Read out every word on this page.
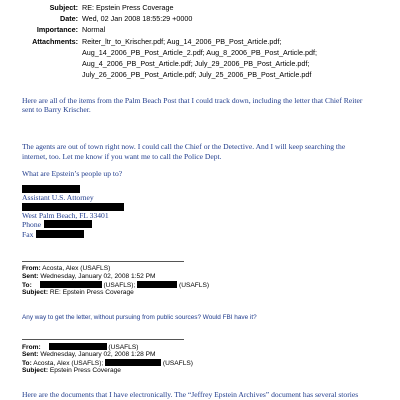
Subject: RE: Epstein Press Coverage
Date: Wed, 02 Jan 2008 18:55:29 +0000
Importance: Normal
Attachments: Reiter_ltr_to_Krischer.pdf; Aug_14_2006_PB_Post_Article.pdf;
Aug_14_2006_PB_Post_Article_2.pdf; Aug_8_2006_PB_Post_Article.pdf;
Aug_4_2006_PB_Post_Article.pdf; July_29_2006_PB_Post_Article.pdf;
July_26_2006_PB_Post_Article.pdf; July_25_2006_PB_Post_Article.pdf
Here are all of the items from the Palm Beach Post that I could track down, including the letter that Chief Reiter
sent to Barry Krischer.
The agents are out of town right now. I could call the Chief or the Detective. And I will keep searching the
internet, too. Let me know if you want me to call the Police Dept.
What are Epstein’s people up to?
Assistant U.S. Attorney
West Palm Beach, FL 33401
Phone
Fax
From: Acosta, Alex (USAFLS)
Sent: Wednesday, January 02, 2008 1:52 PM
To:	(USAFLS);	(USAFLS)
Subject: RE: Epstein Press Coverage
Any way to get the letter, without pursuing from public sources? Would FBI have it?
From:	(USAFLS)
Sent: Wednesday, January 02, 2008 1:28 PM
To: Acosta, Alex (USAFLS);	(USAFLS)
Subject: Epstein Press Coverage
Here are the documents that I have electronically. The “Jeffrey Epstein Archives” document has several stories
